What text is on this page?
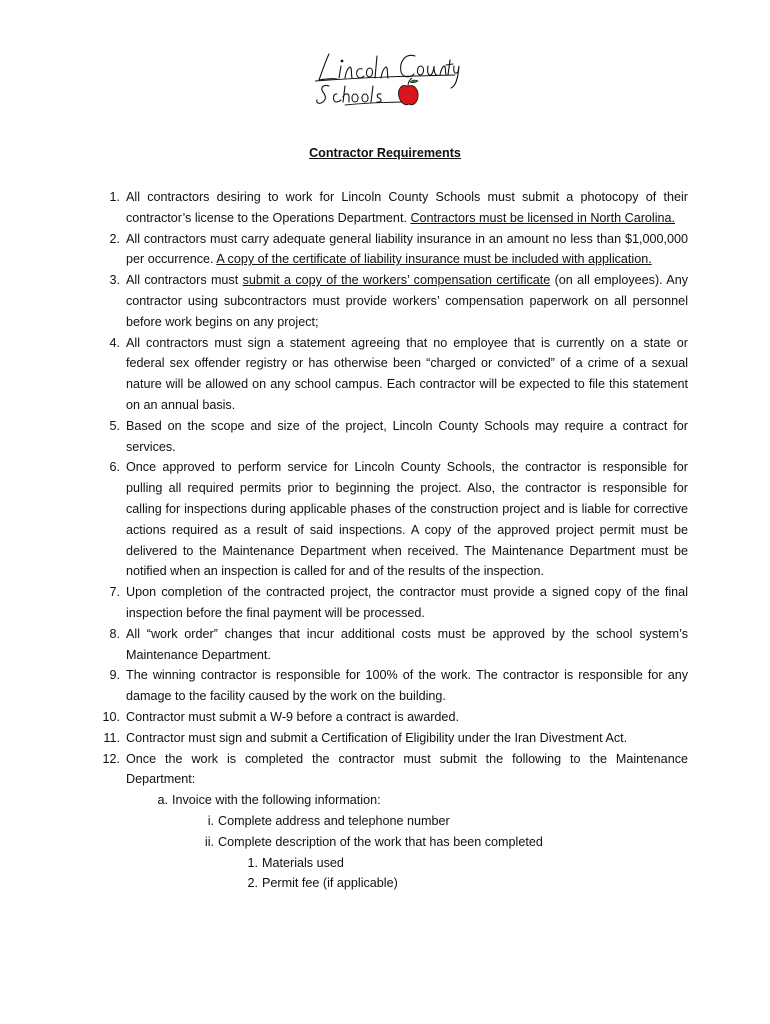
Contractor Requirements
1. All contractors desiring to work for Lincoln County Schools must submit a photocopy of their contractor’s license to the Operations Department. Contractors must be licensed in North Carolina.
2. All contractors must carry adequate general liability insurance in an amount no less than $1,000,000 per occurrence. A copy of the certificate of liability insurance must be included with application.
3. All contractors must submit a copy of the workers’ compensation certificate (on all employees). Any contractor using subcontractors must provide workers’ compensation paperwork on all personnel before work begins on any project;
4. All contractors must sign a statement agreeing that no employee that is currently on a state or federal sex offender registry or has otherwise been “charged or convicted” of a crime of a sexual nature will be allowed on any school campus. Each contractor will be expected to file this statement on an annual basis.
5. Based on the scope and size of the project, Lincoln County Schools may require a contract for services.
6. Once approved to perform service for Lincoln County Schools, the contractor is responsible for pulling all required permits prior to beginning the project. Also, the contractor is responsible for calling for inspections during applicable phases of the construction project and is liable for corrective actions required as a result of said inspections. A copy of the approved project permit must be delivered to the Maintenance Department when received. The Maintenance Department must be notified when an inspection is called for and of the results of the inspection.
7. Upon completion of the contracted project, the contractor must provide a signed copy of the final inspection before the final payment will be processed.
8. All “work order” changes that incur additional costs must be approved by the school system’s Maintenance Department.
9. The winning contractor is responsible for 100% of the work. The contractor is responsible for any damage to the facility caused by the work on the building.
10. Contractor must submit a W-9 before a contract is awarded.
11. Contractor must sign and submit a Certification of Eligibility under the Iran Divestment Act.
12. Once the work is completed the contractor must submit the following to the Maintenance Department:
a. Invoice with the following information:
i. Complete address and telephone number
ii. Complete description of the work that has been completed
1. Materials used
2. Permit fee (if applicable)
